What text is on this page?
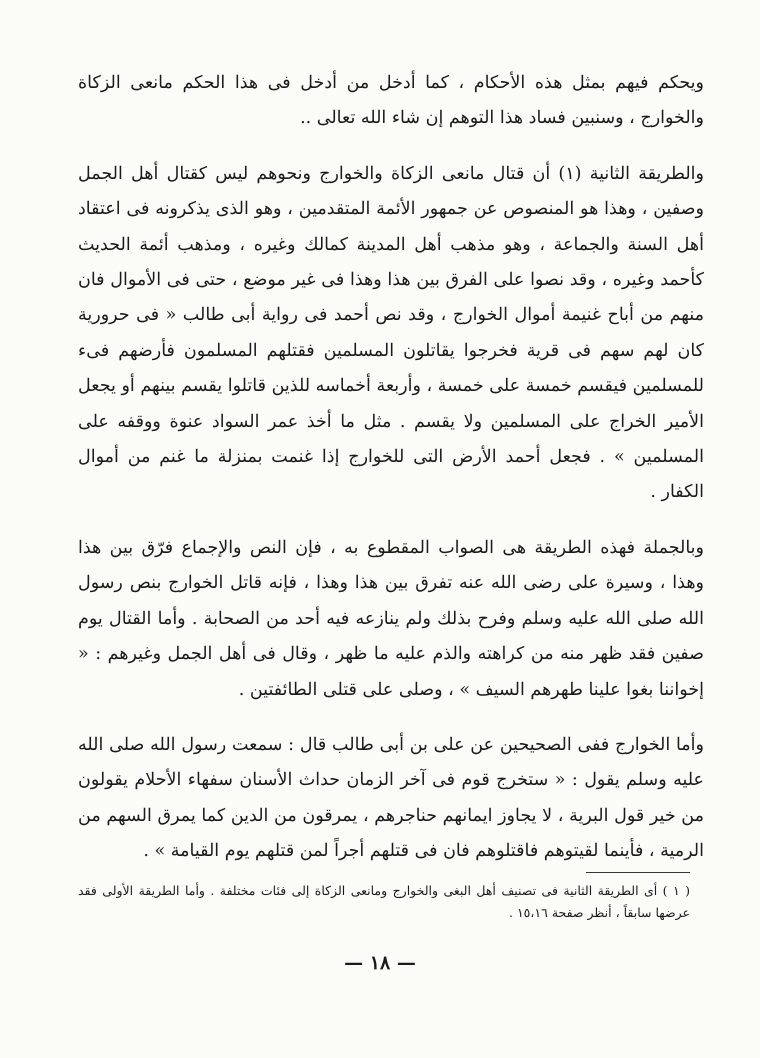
ويحكم فيهم بمثل هذه الأحكام ، كما أدخل من أدخل فى هذا الحكم مانعى الزكاة والخوارج ، وسنبين فساد هذا التوهم إن شاء الله تعالى ..

والطريقة الثانية (١) أن قتال مانعى الزكاة والخوارج ونحوهم ليس كقتال أهل الجمل وصفين ، وهذا هو المنصوص عن جمهور الأئمة المتقدمين ، وهو الذى يذكرونه فى اعتقاد أهل السنة والجماعة ، وهو مذهب أهل المدينة كمالك وغيره ، ومذهب أئمة الحديث كأحمد وغيره ، وقد نصوا على الفرق بين هذا وهذا فى غير موضع ، حتى فى الأموال فان منهم من أباح غنيمة أموال الخوارج ، وقد نص أحمد فى رواية أبى طالب « فى حرورية كان لهم سهم فى قرية فخرجوا يقاتلون المسلمين فقتلهم المسلمون فأرضهم فىء للمسلمين فيقسم خمسة على خمسة ، وأربعة أخماسه للذين قاتلوا يقسم بينهم أو يجعل الأمير الخراج على المسلمين ولا يقسم . مثل ما أخذ عمر السواد عنوة ووقفه على المسلمين » . فجعل أحمد الأرض التى للخوارج إذا غنمت بمنزلة ما غنم من أموال الكفار .

وبالجملة فهذه الطريقة هى الصواب المقطوع به ، فإن النص والإجماع فرّق بين هذا وهذا ، وسيرة على رضى الله عنه تفرق بين هذا وهذا ، فإنه قاتل الخوارج بنص رسول الله صلى الله عليه وسلم وفرح بذلك ولم ينازعه فيه أحد من الصحابة . وأما القتال يوم صفين فقد ظهر منه من كراهته والذم عليه ما ظهر ، وقال فى أهل الجمل وغيرهم : « إخواننا بغوا علينا طهرهم السيف » ، وصلى على قتلى الطائفتين .

وأما الخوارج ففى الصحيحين عن على بن أبى طالب قال : سمعت رسول الله صلى الله عليه وسلم يقول : « ستخرج قوم فى آخر الزمان حداث الأسنان سفهاء الأحلام يقولون من خير قول البرية ، لا يجاوز ايمانهم حناجرهم ، يمرقون من الدين كما يمرق السهم من الرمية ، فأينما لقيتوهم فاقتلوهم فان فى قتلهم أجراً لمن قتلهم يوم القيامة » .

( ١ ) أى الطريقة الثانية فى تصنيف أهل البغى والخوارج ومانعى الزكاة إلى فئات مختلفة . وأما الطريقة الأولى فقد عرضها سابقاً ، أنظر صفحة ١٥،١٦ .

— ١٨ —
